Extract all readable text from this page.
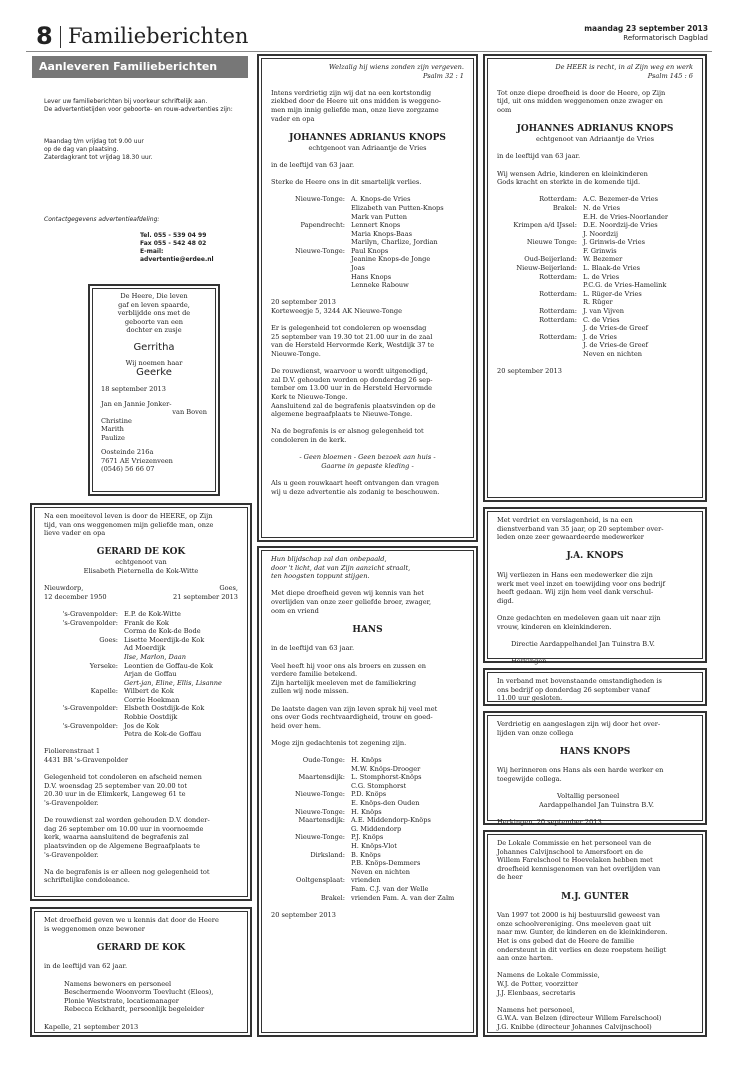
8 Familieberichten	maandag 23 september 2013
Reformatorisch Dagblad
Aanleveren Familieberichten

Lever uw familieberichten bij voorkeur schriftelijk aan.

De advertentietijden voor geboorte- en rouw-advertenties zijn:

Maandag t/m vrijdag tot 9.00 uur

op de dag van plaatsing.

Zaterdagkrant tot vrijdag 18.30 uur.

Contactgegevens advertentieafdeling:

Tel. 055 - 539 04 99

Fax 055 - 542 48 02

E-mail: advertentie@erdee.nl

De Heere, Die leven

gaf en leven spaarde,

verblijdde ons met de

geboorte van een

dochter en zusje

Gerritha

Wij noemen haar

Geerke

18 september 2013

Jan en Jannie Jonker-

van Boven

Christine

Marith

Paulize

Oosteinde 216a

7671 AE Vriezenveen

(0546) 56 66 07

Na een moeitevol leven is door de HEERE, op Zijn

tijd, van ons weggenomen mijn geliefde man, onze

lieve vader en opa

GERARD DE KOK

echtgenoot van

Elisabeth Pieternella de Kok-Witte

Nieuwdorp,	Goes,
12 december 1950	21 september 2013
's-Gravenpolder: E.P. de Kok-Witte
's-Gravenpolder: Frank de Kok
Corma de Kok-de Bode
Goes: Lisette Moerdijk-de Kok
Ad Moerdijk
Ilse, Marlon, Daan
Yerseke: Leontien de Goffau-de Kok
Arjan de Goffau
Gert-jan, Eline, Ellis, Lisanne
Kapelle: Wilbert de Kok
Corrie Hoekman
's-Gravenpolder: Elsbeth Oostdijk-de Kok
Robbie Oostdijk
's-Gravenpolder: Jos de Kok
Petra de Kok-de Goffau

Fiolierenstraat 1

4431 BR 's-Gravenpolder

Gelegenheid tot condoleren en afscheid nemen

D.V. woensdag 25 september van 20.00 tot

20.30 uur in de Elimkerk, Langeweg 61 te

's-Gravenpolder.

De rouwdienst zal worden gehouden D.V. donder-

dag 26 september om 10.00 uur in voornoemde

kerk, waarna aansluitend de begrafenis zal

plaatsvinden op de Algemene Begraafplaats te

's-Gravenpolder.

Na de begrafenis is er alleen nog gelegenheid tot

schriftelijke condoleance.

Met droefheid geven we u kennis dat door de Heere

is weggenomen onze bewoner

GERARD DE KOK

in de leeftijd van 62 jaar.

Namens bewoners en personeel

Beschermende Woonvorm Toevlucht (Eleos),

Plonie Weststrate, locatiemanager

Rebecca Eckhardt, persoonlijk begeleider

Kapelle, 21 september 2013

Welzalig hij wiens zonden zijn vergeven.

Psalm 32 : 1

Intens verdrietig zijn wij dat na een kortstondig

ziekbed door de Heere uit ons midden is weggeno-

men mijn innig geliefde man, onze lieve zorgzame

vader en opa

JOHANNES ADRIANUS KNOPS

echtgenoot van Adriaantje de Vries

in de leeftijd van 63 jaar.

Sterke de Heere ons in dit smartelijk verlies.

Nieuwe-Tonge: A. Knops-de Vries
Elizabeth van Putten-Knops
Mark van Putten
Papendrecht: Lennert Knops
Maria Knops-Baas
Marilyn, Charlize, Jordian
Nieuwe-Tonge: Paul Knops
Jeanine Knops-de Jonge
Joas
Hans Knops
Lenneke Rabouw

20 september 2013

Korteweegje 5, 3244 AK Nieuwe-Tonge

Er is gelegenheid tot condoleren op woensdag

25 september van 19.30 tot 21.00 uur in de zaal

van de Hersteld Hervormde Kerk, Westdijk 37 te

Nieuwe-Tonge.

De rouwdienst, waarvoor u wordt uitgenodigd,

zal D.V. gehouden worden op donderdag 26 sep-

tember om 13.00 uur in de Hersteld Hervormde

Kerk te Nieuwe-Tonge.

Aansluitend zal de begrafenis plaatsvinden op de

algemene begraafplaats te Nieuwe-Tonge.

Na de begrafenis is er alsnog gelegenheid tot

condoleren in de kerk.

- Geen bloemen - Geen bezoek aan huis -

Gaarne in gepaste kleding -

Als u geen rouwkaart heeft ontvangen dan vragen

wij u deze advertentie als zodanig te beschouwen.

Hun blijdschap zal dan onbepaald,

door 't licht, dat van Zijn aanzicht straalt,

ten hoogsten toppunt stijgen.

Met diepe droefheid geven wij kennis van het

overlijden van onze zeer geliefde broer, zwager,

oom en vriend

HANS

in de leeftijd van 63 jaar.

Veel heeft hij voor ons als broers en zussen en

verdere familie betekend.

Zijn hartelijk meeleven met de familiekring

zullen wij node missen.

De laatste dagen van zijn leven sprak hij veel met

ons over Gods rechtvaardigheid, trouw en goed-

heid over hem.

Moge zijn gedachtenis tot zegening zijn.

Oude-Tonge: H. Knöps
M.W. Knöps-Drooger
Maartensdijk: L. Stomphorst-Knöps
C.G. Stomphorst
Nieuwe-Tonge: P.D. Knöps
E. Knöps-den Ouden
Nieuwe-Tonge: H. Knöps
Maartensdijk: A.E. Middendorp-Knöps
G. Middendorp
Nieuwe-Tonge: P.J. Knöps
H. Knöps-Vlot
Dirksland: B. Knöps
P.B. Knöps-Demmers
Neven en nichten
Ooltgensplaat: vrienden
Fam. C.J. van der Welle
Brakel: vrienden Fam. A. van der Zalm

20 september 2013

De HEER is recht, in al Zijn weg en werk

Psalm 145 : 6

Tot onze diepe droefheid is door de Heere, op Zijn

tijd, uit ons midden weggenomen onze zwager en

oom

JOHANNES ADRIANUS KNOPS

echtgenoot van Adriaantje de Vries

in de leeftijd van 63 jaar.

Wij wensen Adrie, kinderen en kleinkinderen

Gods kracht en sterkte in de komende tijd.

Rotterdam: A.C. Bezemer-de Vries
Brakel: N. de Vries
E.H. de Vries-Noorlander
Krimpen a/d IJssel: D.E. Noordzij-de Vries
J. Noordzij
Nieuwe Tonge: J. Grinwis-de Vries
F. Grinwis
Oud-Beijerland: W. Bezemer
Nieuw-Beijerland: L. Blaak-de Vries
Rotterdam: L. de Vries
P.C.G. de Vries-Hamelink
Rotterdam: L. Rüger-de Vries
R. Rüger
Rotterdam: J. van Vijven
Rotterdam: C. de Vries
J. de Vries-de Greef
Rotterdam: J. de Vries
J. de Vries-de Greef
Neven en nichten

20 september 2013

Met verdriet en verslagenheid, is na een

dienstverband van 35 jaar, op 20 september over-

leden onze zeer gewaardeerde medewerker

J.A. KNOPS

Wij verliezen in Hans een medewerker die zijn

werk met veel inzet en toewijding voor ons bedrijf

heeft gedaan. Wij zijn hem veel dank verschul-

digd.

Onze gedachten en medeleven gaan uit naar zijn

vrouw, kinderen en kleinkinderen.

Directie Aardappelhandel Jan Tuinstra B.V.

Herkingen

In verband met bovenstaande omstandigheden is

ons bedrijf op donderdag 26 september vanaf

11.00 uur gesloten.

Verdrietig en aangeslagen zijn wij door het over-

lijden van onze collega

HANS KNOPS

Wij herinneren ons Hans als een harde werker en

toegewijde collega.

Voltallig personeel

Aardappelhandel Jan Tuinstra B.V.

Herkingen, 20 september 2013

De Lokale Commissie en het personeel van de

Johannes Calvijnschool te Amersfoort en de

Willem Farelschool te Hoevelaken hebben met

droefheid kennisgenomen van het overlijden van

de heer

M.J. GUNTER

Van 1997 tot 2000 is hij bestuurslid geweest van

onze schoolvereniging. Ons meeleven gaat uit

naar mw. Gunter, de kinderen en de kleinkinderen.

Het is ons gebed dat de Heere de familie

ondersteunt in dit verlies en deze roepstem heiligt

aan onze harten.

Namens de Lokale Commissie,

W.J. de Potter, voorzitter

J.J. Elenbaas, secretaris

Namens het personeel,

G.W.A. van Belzen (directeur Willem Farelschool)

J.G. Knibbe (directeur Johannes Calvijnschool)
